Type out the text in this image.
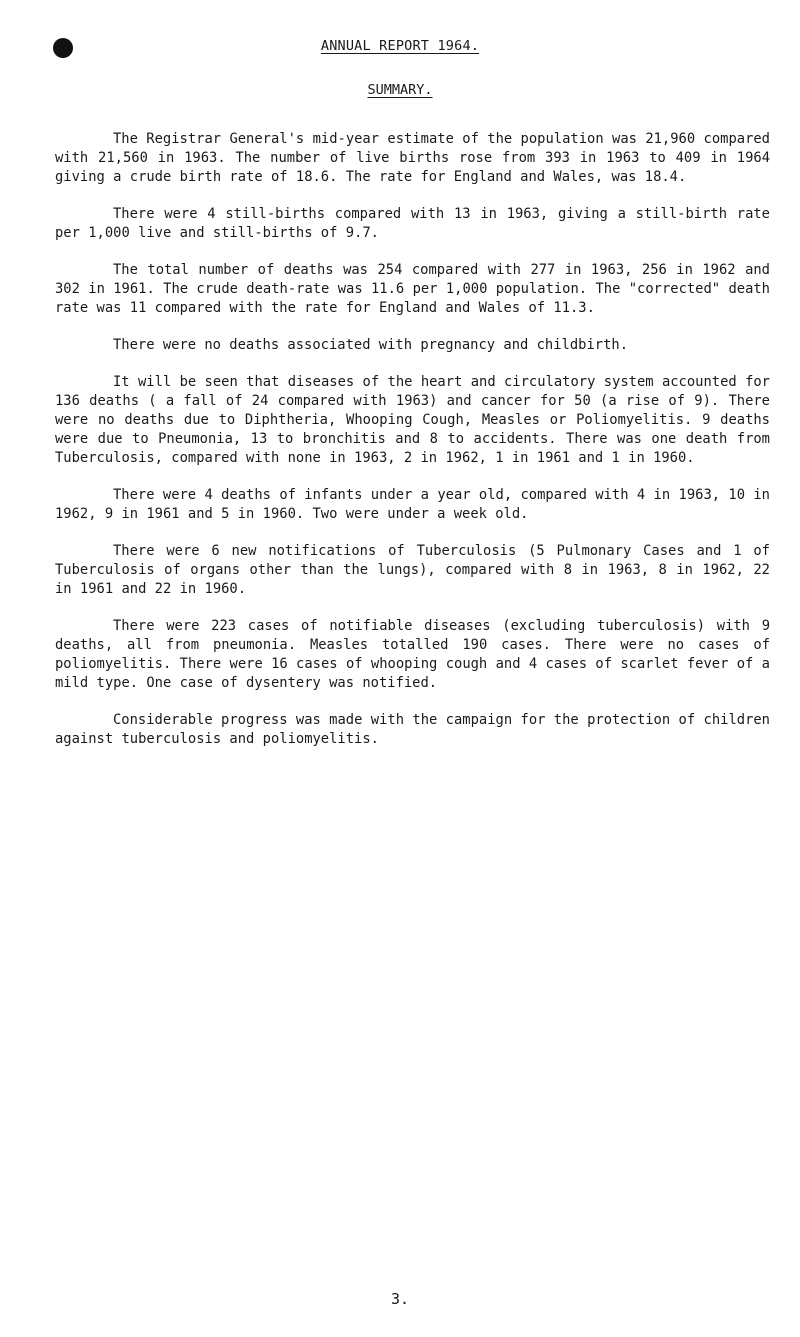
ANNUAL REPORT 1964.
SUMMARY.

The Registrar General's mid-year estimate of the population was 21,960 compared with 21,560 in 1963. The number of live births rose from 393 in 1963 to 409 in 1964 giving a crude birth rate of 18.6. The rate for England and Wales, was 18.4.

There were 4 still-births compared with 13 in 1963, giving a still-birth rate per 1,000 live and still-births of 9.7.

The total number of deaths was 254 compared with 277 in 1963, 256 in 1962 and 302 in 1961. The crude death-rate was 11.6 per 1,000 population. The "corrected" death rate was 11 compared with the rate for England and Wales of 11.3.

There were no deaths associated with pregnancy and childbirth.

It will be seen that diseases of the heart and circulatory system accounted for 136 deaths ( a fall of 24 compared with 1963) and cancer for 50 (a rise of 9). There were no deaths due to Diphtheria, Whooping Cough, Measles or Poliomyelitis. 9 deaths were due to Pneumonia, 13 to bronchitis and 8 to accidents. There was one death from Tuberculosis, compared with none in 1963, 2 in 1962, 1 in 1961 and 1 in 1960.

There were 4 deaths of infants under a year old, compared with 4 in 1963, 10 in 1962, 9 in 1961 and 5 in 1960. Two were under a week old.

There were 6 new notifications of Tuberculosis (5 Pulmonary Cases and 1 of Tuberculosis of organs other than the lungs), compared with 8 in 1963, 8 in 1962, 22 in 1961 and 22 in 1960.

There were 223 cases of notifiable diseases (excluding tuberculosis) with 9 deaths, all from pneumonia. Measles totalled 190 cases. There were no cases of poliomyelitis. There were 16 cases of whooping cough and 4 cases of scarlet fever of a mild type. One case of dysentery was notified.

Considerable progress was made with the campaign for the protection of children against tuberculosis and poliomyelitis.

3.
